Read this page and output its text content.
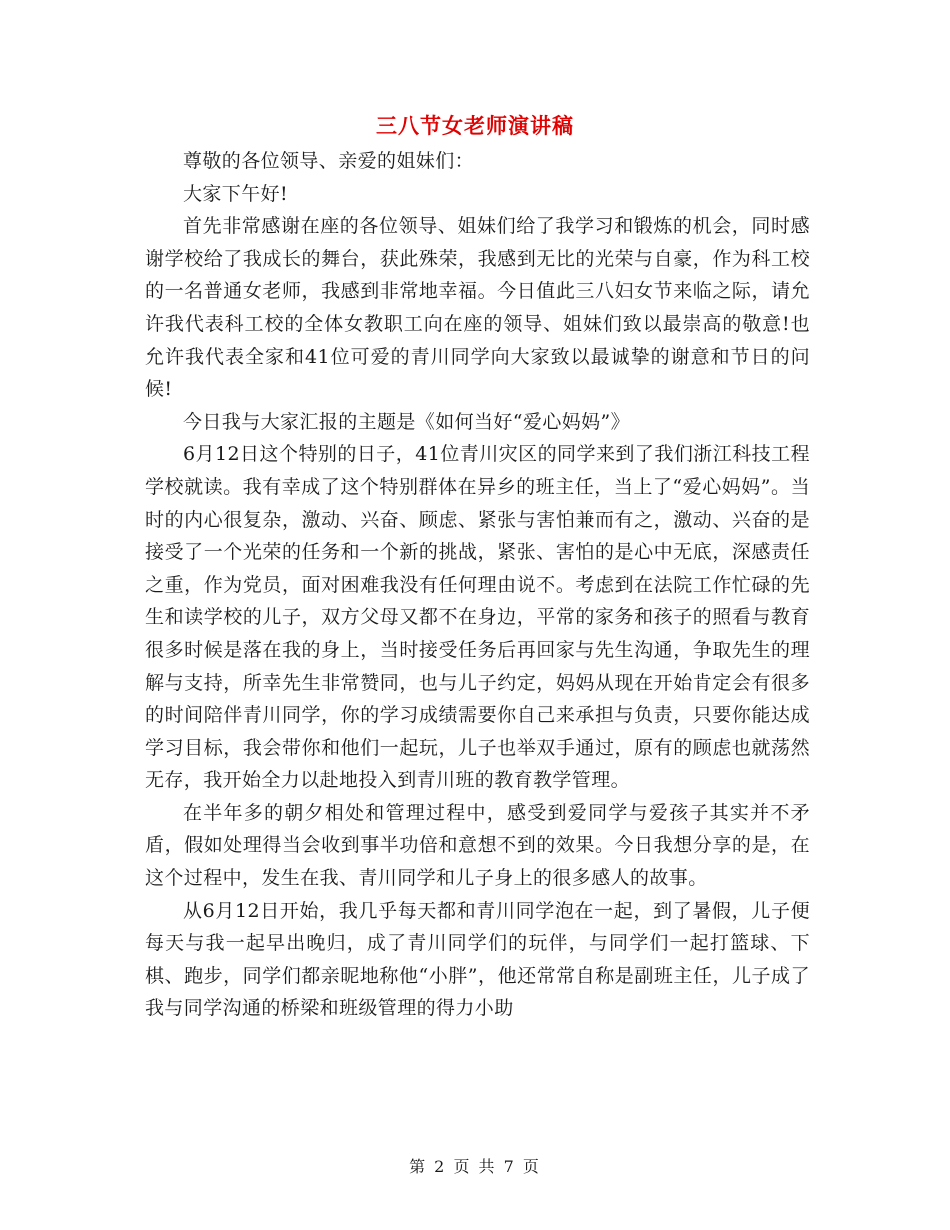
三八节女老师演讲稿

尊敬的各位领导、亲爱的姐妹们：

大家下午好!

首先非常感谢在座的各位领导、姐妹们给了我学习和锻炼的机会，同时感谢学校给了我成长的舞台，获此殊荣，我感到无比的光荣与自豪，作为科工校的一名普通女老师，我感到非常地幸福。今日值此三八妇女节来临之际，请允许我代表科工校的全体女教职工向在座的领导、姐妹们致以最崇高的敬意!也允许我代表全家和41位可爱的青川同学向大家致以最诚挚的谢意和节日的问候!

今日我与大家汇报的主题是《如何当好“爱心妈妈”》

6月12日这个特别的日子，41位青川灾区的同学来到了我们浙江科技工程学校就读。我有幸成了这个特别群体在异乡的班主任，当上了“爱心妈妈”。当时的内心很复杂，激动、兴奋、顾虑、紧张与害怕兼而有之，激动、兴奋的是接受了一个光荣的任务和一个新的挑战，紧张、害怕的是心中无底，深感责任之重，作为党员，面对困难我没有任何理由说不。考虑到在法院工作忙碌的先生和读学校的儿子，双方父母又都不在身边，平常的家务和孩子的照看与教育很多时候是落在我的身上，当时接受任务后再回家与先生沟通，争取先生的理解与支持，所幸先生非常赞同，也与儿子约定，妈妈从现在开始肯定会有很多的时间陪伴青川同学，你的学习成绩需要你自己来承担与负责，只要你能达成学习目标，我会带你和他们一起玩，儿子也举双手通过，原有的顾虑也就荡然无存，我开始全力以赴地投入到青川班的教育教学管理。

在半年多的朝夕相处和管理过程中，感受到爱同学与爱孩子其实并不矛盾，假如处理得当会收到事半功倍和意想不到的效果。今日我想分享的是，在这个过程中，发生在我、青川同学和儿子身上的很多感人的故事。

从6月12日开始，我几乎每天都和青川同学泡在一起，到了暑假，儿子便每天与我一起早出晚归，成了青川同学们的玩伴，与同学们一起打篮球、下棋、跑步，同学们都亲昵地称他“小胖”，他还常常自称是副班主任，儿子成了我与同学沟通的桥梁和班级管理的得力小助

第 2 页 共 7 页
